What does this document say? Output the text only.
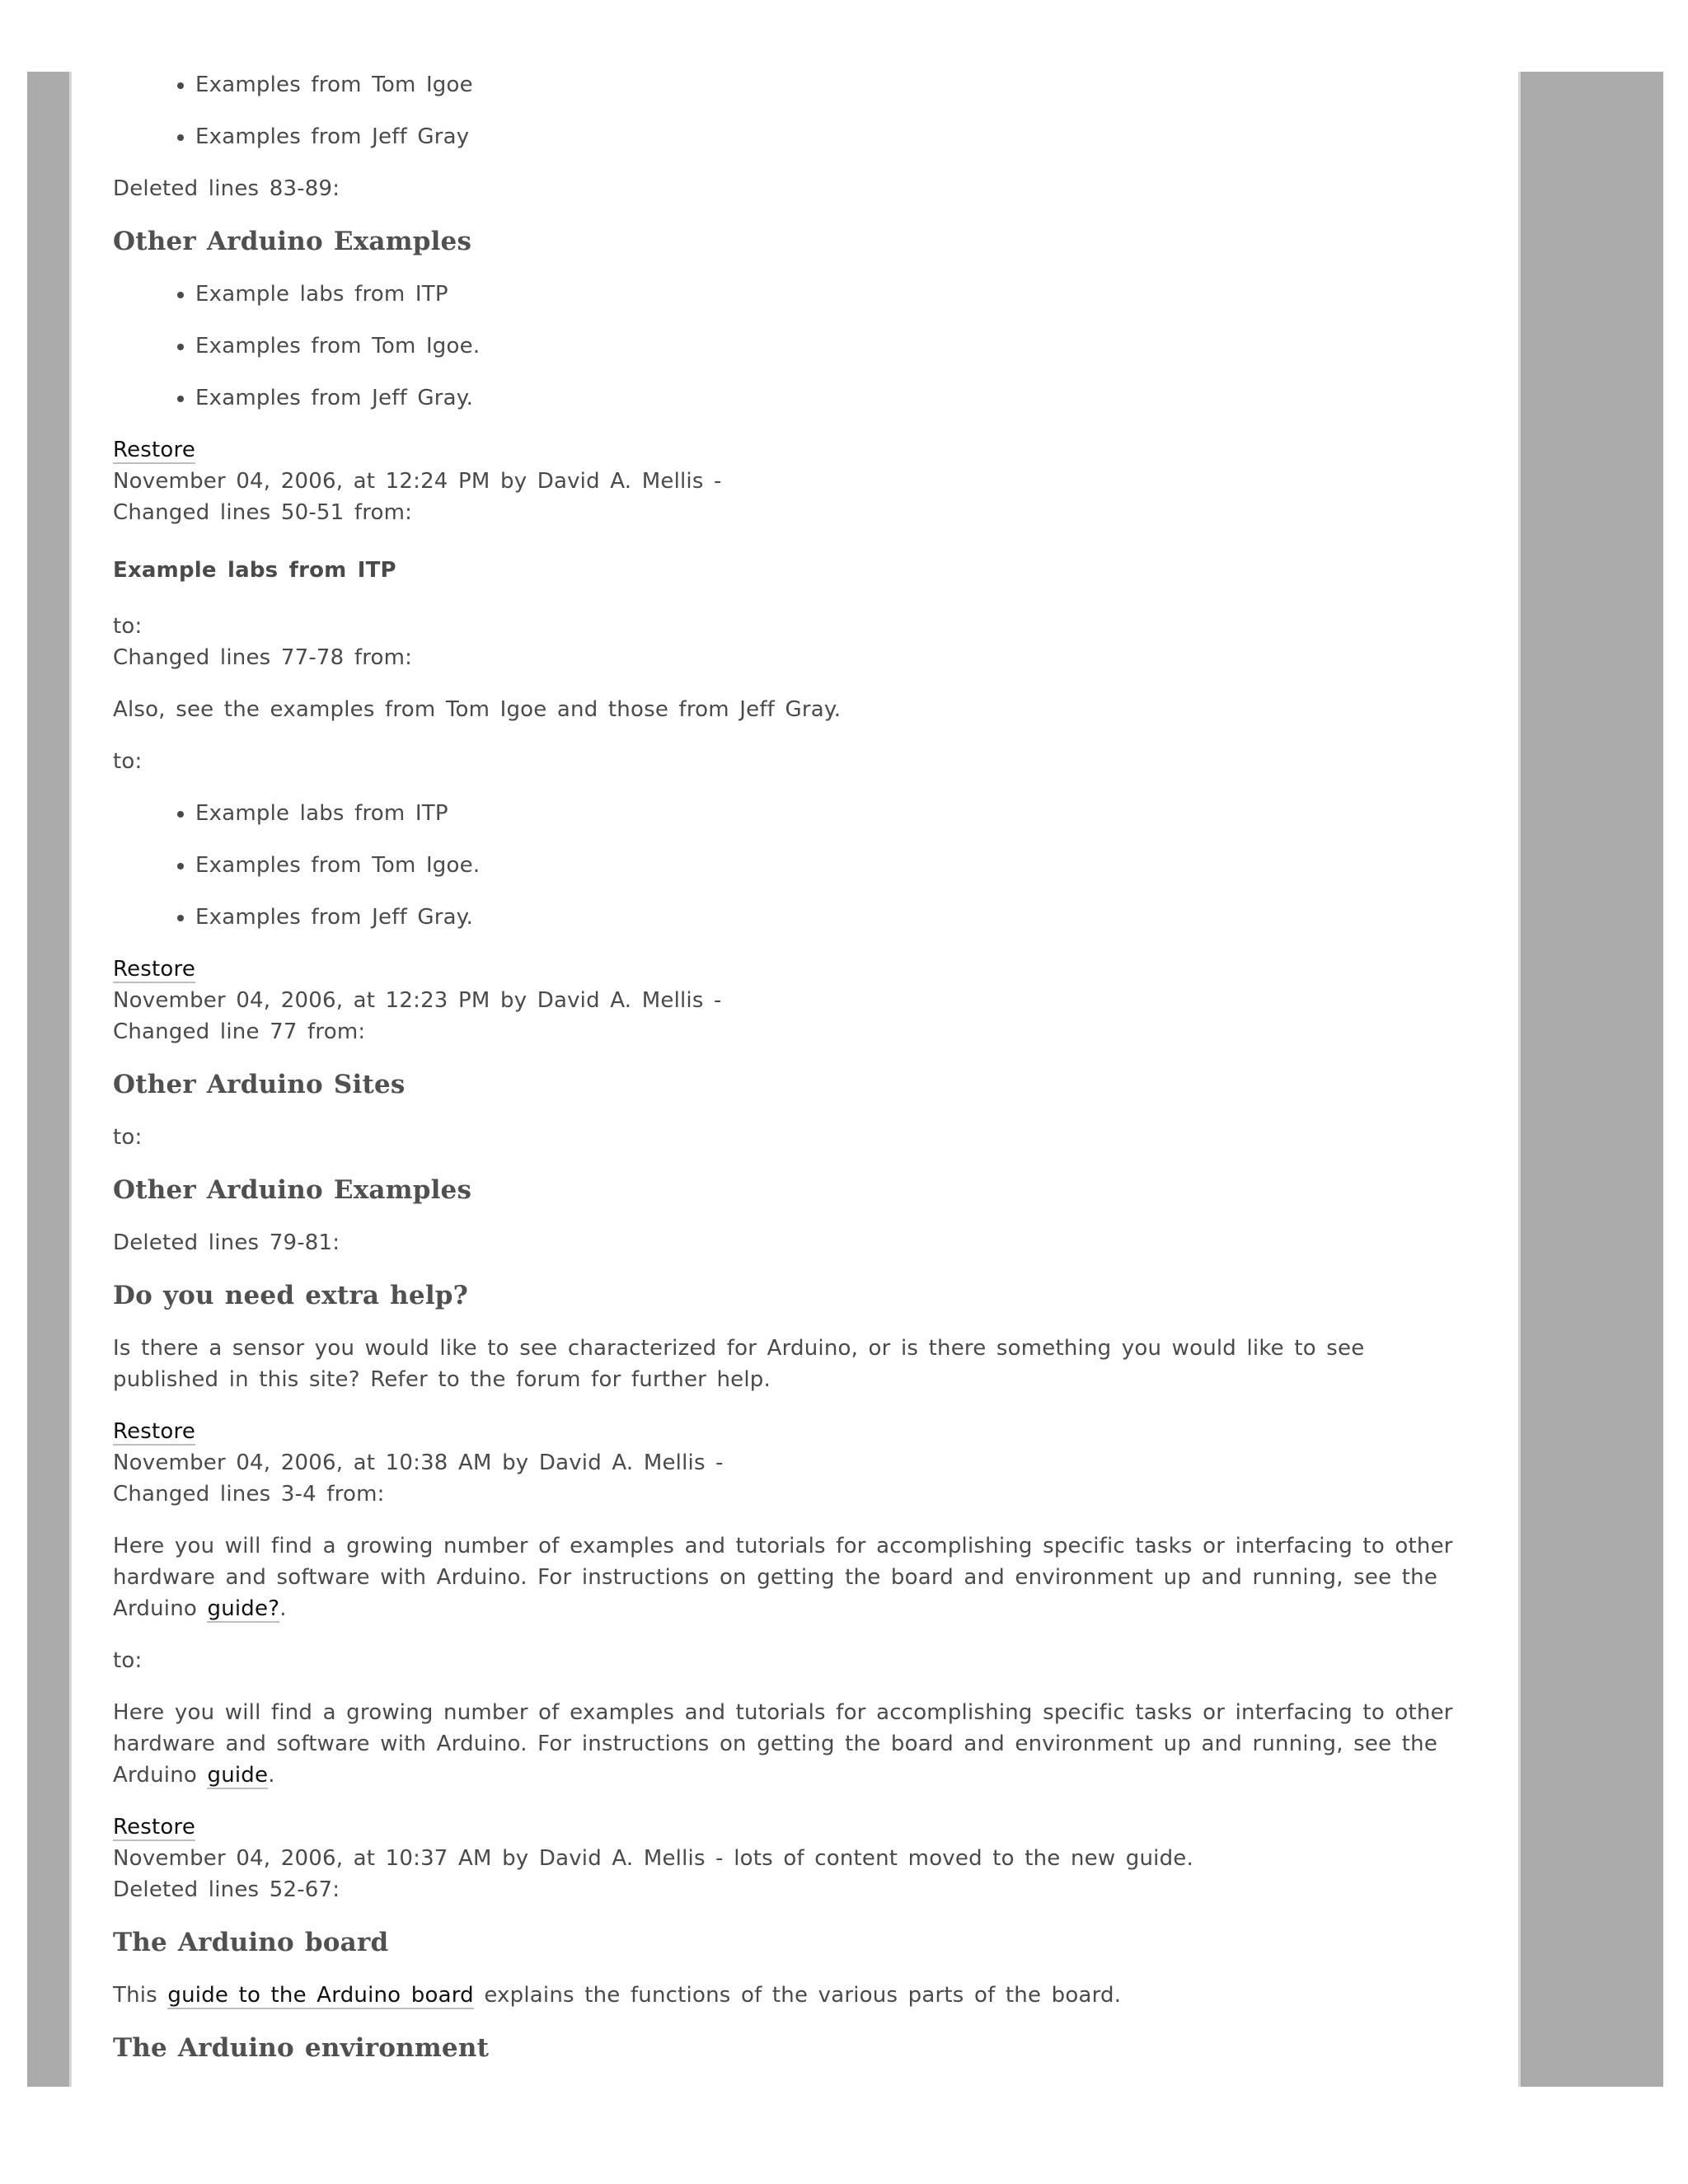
• Examples from Tom Igoe
• Examples from Jeff Gray

Deleted lines 83-89:

Other Arduino Examples
• Example labs from ITP
• Examples from Tom Igoe.
• Examples from Jeff Gray.

Restore

November 04, 2006, at 12:24 PM by David A. Mellis -

Changed lines 50-51 from:

Example labs from ITP

to:

Changed lines 77-78 from:

Also, see the examples from Tom Igoe and those from Jeff Gray.

to:

• Example labs from ITP
• Examples from Tom Igoe.
• Examples from Jeff Gray.

Restore

November 04, 2006, at 12:23 PM by David A. Mellis -

Changed line 77 from:

Other Arduino Sites

to:

Other Arduino Examples

Deleted lines 79-81:

Do you need extra help?

Is there a sensor you would like to see characterized for Arduino, or is there something you would like to see published in this site? Refer to the forum for further help.

Restore

November 04, 2006, at 10:38 AM by David A. Mellis -

Changed lines 3-4 from:

Here you will find a growing number of examples and tutorials for accomplishing specific tasks or interfacing to other hardware and software with Arduino. For instructions on getting the board and environment up and running, see the Arduino guide?.

to:

Here you will find a growing number of examples and tutorials for accomplishing specific tasks or interfacing to other hardware and software with Arduino. For instructions on getting the board and environment up and running, see the Arduino guide.

Restore

November 04, 2006, at 10:37 AM by David A. Mellis - lots of content moved to the new guide.

Deleted lines 52-67:

The Arduino board

This guide to the Arduino board explains the functions of the various parts of the board.

The Arduino environment
